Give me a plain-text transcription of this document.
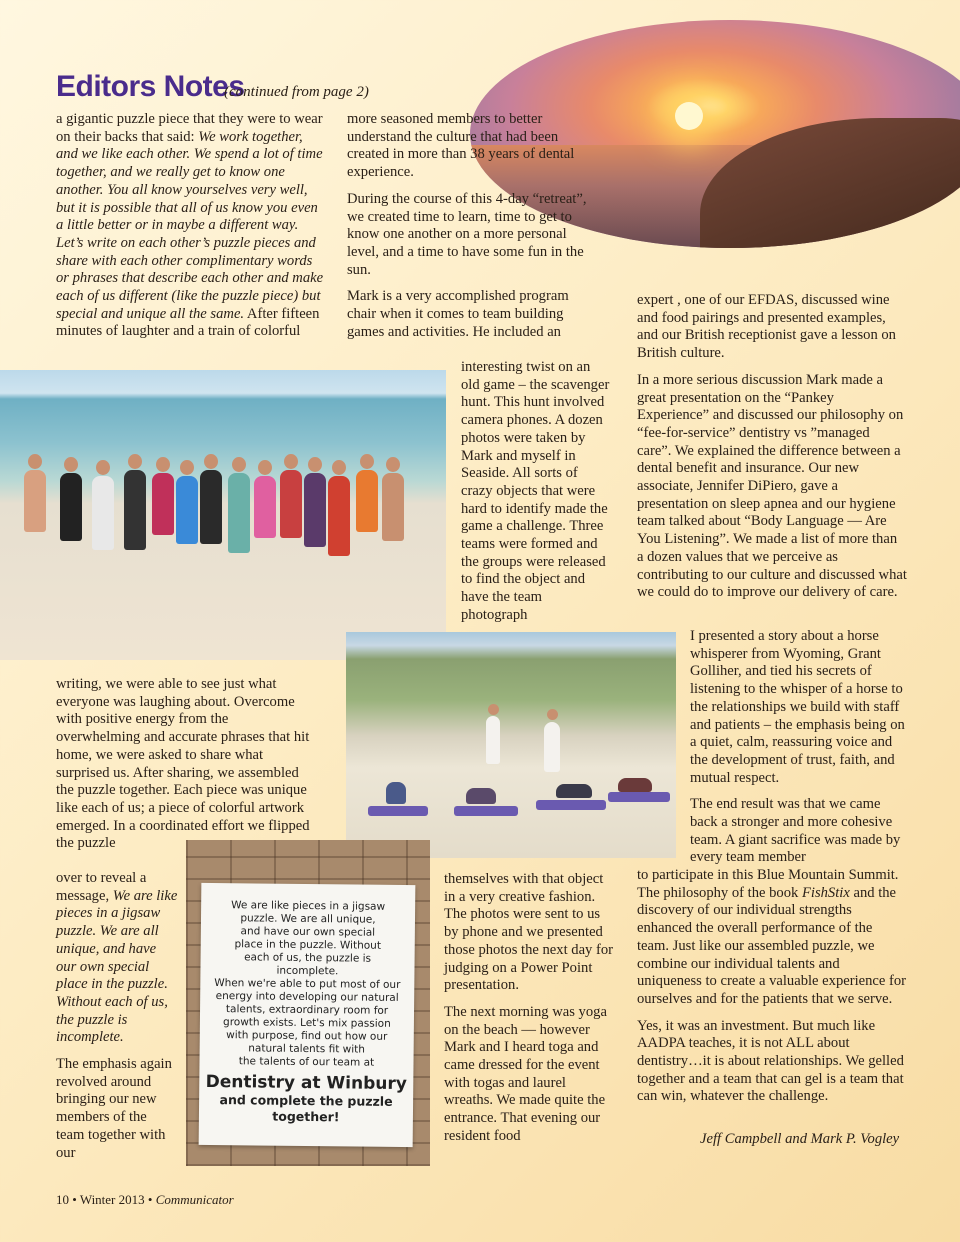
Editors Notes
(continued from page 2)

a gigantic puzzle piece that they were to wear on their backs that said: We work together, and we like each other. We spend a lot of time together, and we really get to know one another. You all know yourselves very well, but it is possible that all of us know you even a little better or in maybe a different way. Let’s write on each other’s puzzle pieces and share with each other complimentary words or phrases that describe each other and make each of us different (like the puzzle piece) but special and unique all the same. After fifteen minutes of laughter and a train of colorful

more seasoned members to better understand the culture that had been created in more than 38 years of dental experience.

During the course of this 4-day “retreat”, we created time to learn, time to get to know one another on a more personal level, and a time to have some fun in the sun.

Mark is a very accomplished program chair when it comes to team building games and activities. He included an

interesting twist on an old game – the scavenger hunt. This hunt involved camera phones. A dozen photos were taken by Mark and myself in Seaside. All sorts of crazy objects that were hard to identify made the game a challenge. Three teams were formed and the groups were released to find the object and have the team photograph

expert , one of our EFDAS, discussed wine and food pairings and presented examples, and our British receptionist gave a lesson on British culture.

In a more serious discussion Mark made a great presentation on the “Pankey Experience” and discussed our philosophy on “fee-for-service” dentistry vs ”managed care”. We explained the difference between a dental benefit and insurance. Our new associate, Jennifer DiPiero, gave a presentation on sleep apnea and our hygiene team talked about “Body Language — Are You Listening”. We made a list of more than a dozen values that we perceive as contributing to our culture and discussed what we could do to improve our delivery of care.

writing, we were able to see just what everyone was laughing about. Overcome with positive energy from the overwhelming and accurate phrases that hit home, we were asked to share what surprised us. After sharing, we assembled the puzzle together. Each piece was unique like each of us; a piece of colorful artwork emerged. In a coordinated effort we flipped the puzzle

over to reveal a message, We are like pieces in a jigsaw puzzle. We are all unique, and have our own special place in the puzzle. Without each of us, the puzzle is incomplete.

The emphasis again revolved around bringing our new members of the team together with our

We are like pieces in a jigsaw
puzzle. We are all unique,
and have our own special
place in the puzzle. Without
each of us, the puzzle is
incomplete.
When we're able to put most of our
energy into developing our natural
talents, extraordinary room for
growth exists. Let's mix passion
with purpose, find out how our
natural talents fit with
the talents of our team at
Dentistry at Winbury
and complete the puzzle together!

themselves with that object in a very creative fashion. The photos were sent to us by phone and we presented those photos the next day for judging on a Power Point presentation.

The next morning was yoga on the beach — however Mark and I heard toga and came dressed for the event with togas and laurel wreaths. We made quite the entrance. That evening our resident food

I presented a story about a horse whisperer from Wyoming, Grant Golliher, and tied his secrets of listening to the whisper of a horse to the relationships we build with staff and patients – the emphasis being on a quiet, calm, reassuring voice and the development of trust, faith, and mutual respect.

The end result was that we came back a stronger and more cohesive team. A giant sacrifice was made by every team member

to participate in this Blue Mountain Summit. The philosophy of the book FishStix and the discovery of our individual strengths enhanced the overall performance of the team. Just like our assembled puzzle, we combine our individual talents and uniqueness to create a valuable experience for ourselves and for the patients that we serve.

Yes, it was an investment. But much like AADPA teaches, it is not ALL about dentistry…it is about relationships. We gelled together and a team that can gel is a team that can win, whatever the challenge.

Jeff Campbell and Mark P. Vogley
10 • Winter 2013 • Communicator
